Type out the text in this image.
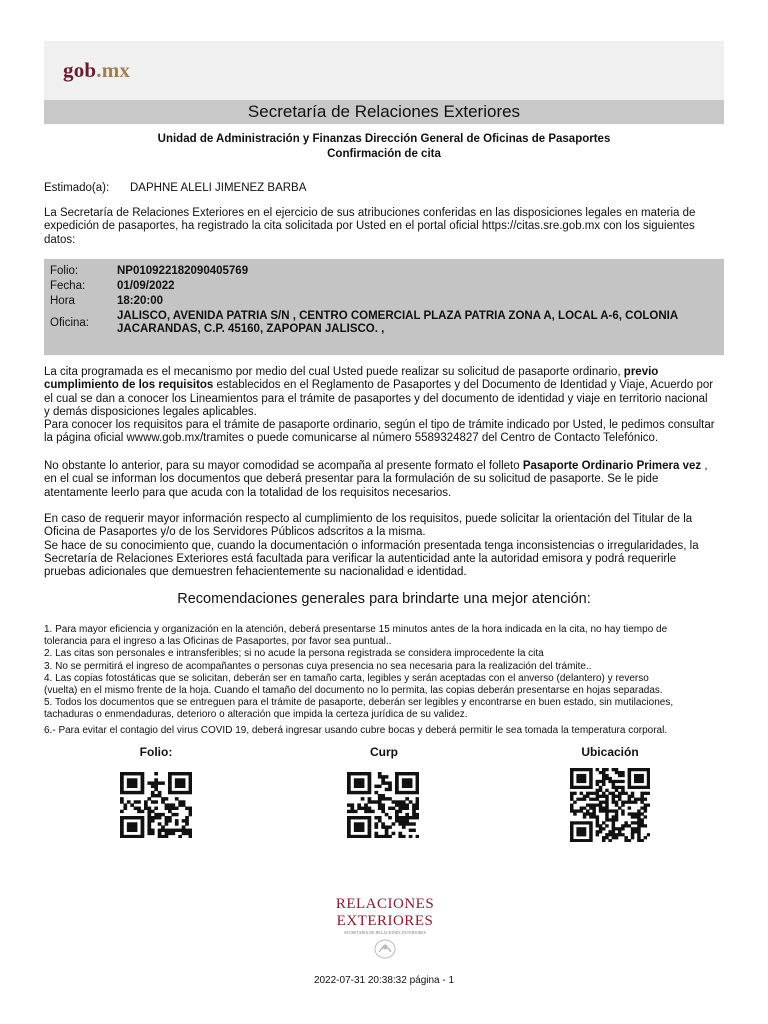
gob.mx
Secretaría de Relaciones Exteriores
Unidad de Administración y Finanzas Dirección General de Oficinas de Pasaportes
Confirmación de cita
Estimado(a): DAPHNE ALELI JIMENEZ BARBA
La Secretaría de Relaciones Exteriores en el ejercicio de sus atribuciones conferidas en las disposiciones legales en materia de
expedición de pasaportes, ha registrado la cita solicitada por Usted en el portal oficial https://citas.sre.gob.mx con los siguientes
datos:
Folio:	NP010922182090405769
Fecha:	01/09/2022
Hora	18:20:00
Oficina:
JALISCO, AVENIDA PATRIA S/N , CENTRO COMERCIAL PLAZA PATRIA ZONA A, LOCAL A-6, COLONIA
JACARANDAS, C.P. 45160, ZAPOPAN JALISCO. ,
La cita programada es el mecanismo por medio del cual Usted puede realizar su solicitud de pasaporte ordinario, previo
cumplimiento de los requisitos establecidos en el Reglamento de Pasaportes y del Documento de Identidad y Viaje, Acuerdo por
el cual se dan a conocer los Lineamientos para el trámite de pasaportes y del documento de identidad y viaje en territorio nacional
y demás disposiciones legales aplicables.
Para conocer los requisitos para el trámite de pasaporte ordinario, según el tipo de trámite indicado por Usted, le pedimos consultar
la página oficial wwww.gob.mx/tramites o puede comunicarse al número 5589324827 del Centro de Contacto Telefónico.
No obstante lo anterior, para su mayor comodidad se acompaña al presente formato el folleto Pasaporte Ordinario Primera vez ,
en el cual se informan los documentos que deberá presentar para la formulación de su solicitud de pasaporte. Se le pide
atentamente leerlo para que acuda con la totalidad de los requisitos necesarios.
En caso de requerir mayor información respecto al cumplimiento de los requisitos, puede solicitar la orientación del Titular de la
Oficina de Pasaportes y/o de los Servidores Públicos adscritos a la misma.
Se hace de su conocimiento que, cuando la documentación o información presentada tenga inconsistencias o irregularidades, la
Secretaría de Relaciones Exteriores está facultada para verificar la autenticidad ante la autoridad emisora y podrá requerirle
pruebas adicionales que demuestren fehacientemente su nacionalidad e identidad.
Recomendaciones generales para brindarte una mejor atención:
1. Para mayor eficiencia y organización en la atención, deberá presentarse 15 minutos antes de la hora indicada en la cita, no hay tiempo de
tolerancia para el ingreso a las Oficinas de Pasaportes, por favor sea puntual..
2. Las citas son personales e intransferibles; si no acude la persona registrada se considera improcedente la cita
3. No se permitirá el ingreso de acompañantes o personas cuya presencia no sea necesaria para la realización del trámite..
4. Las copias fotostáticas que se solicitan, deberán ser en tamaño carta, legibles y serán aceptadas con el anverso (delantero) y reverso
(vuelta) en el mismo frente de la hoja. Cuando el tamaño del documento no lo permita, las copias deberán presentarse en hojas separadas.
5. Todos los documentos que se entreguen para el trámite de pasaporte, deberán ser legibles y encontrarse en buen estado, sin mutilaciones,
tachaduras o enmendaduras, deterioro o alteración que impida la certeza jurídica de su validez.
6.- Para evitar el contagio del virus COVID 19, deberá ingresar usando cubre bocas y deberá permitir le sea tomada la temperatura corporal.
Folio:	Curp	Ubicación
RELACIONES
EXTERIORES
SECRETARÍA DE RELACIONES EXTERIORES
2022-07-31 20:38:32 página - 1
